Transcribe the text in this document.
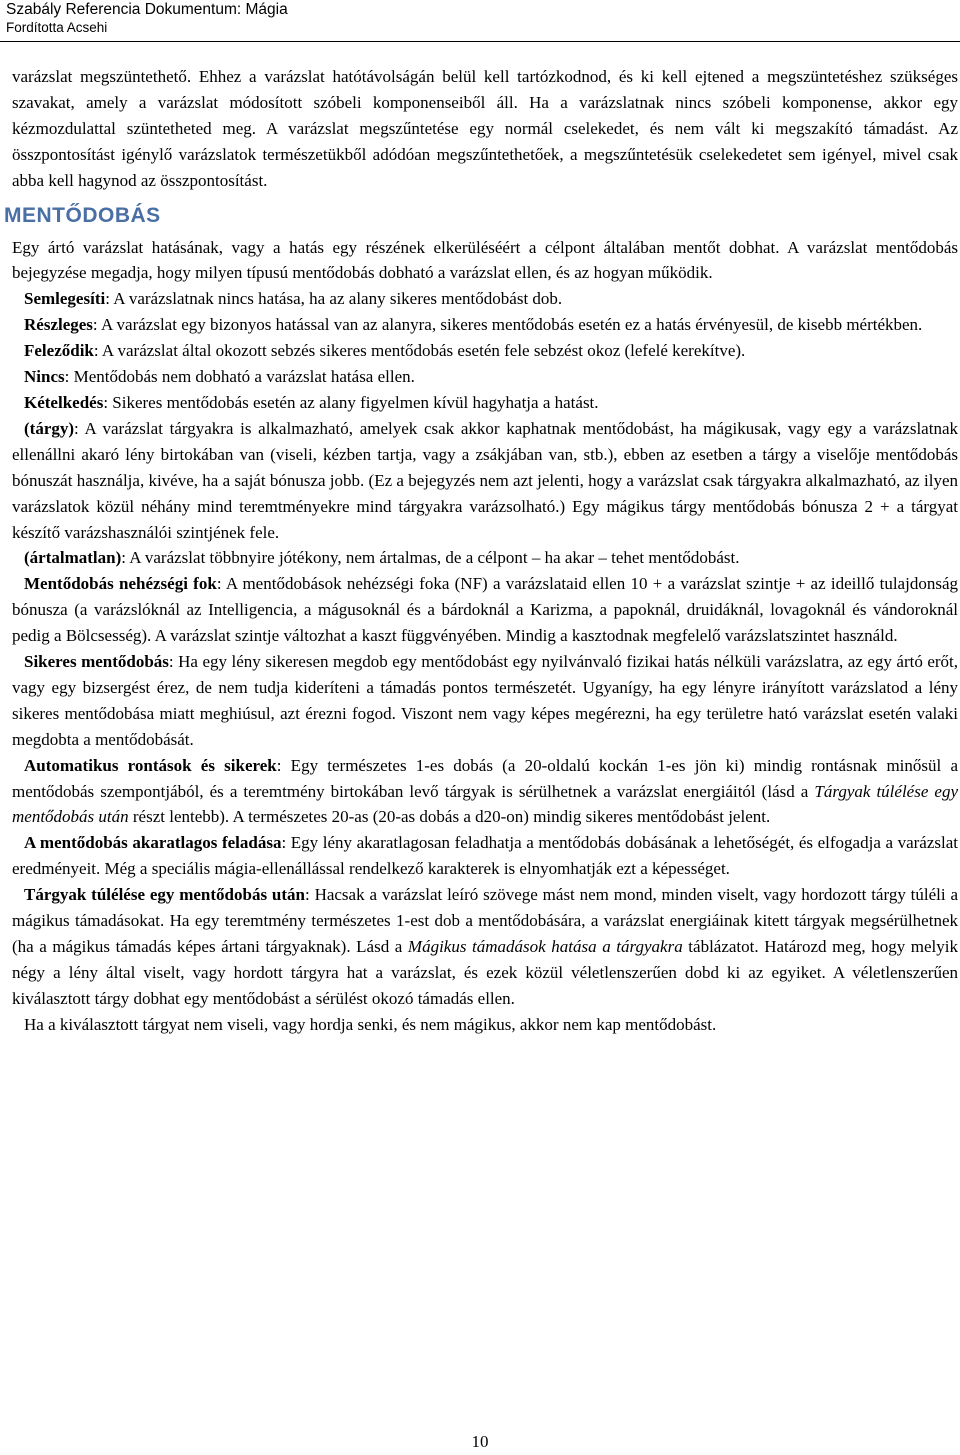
Szabály Referencia Dokumentum: Mágia
Fordította Acsehi

varázslat megszüntethető. Ehhez a varázslat hatótávolságán belül kell tartózkodnod, és ki kell ejtened a megszüntetéshez szükséges szavakat, amely a varázslat módosított szóbeli komponenseiből áll. Ha a varázslatnak nincs szóbeli komponense, akkor egy kézmozdulattal szüntetheted meg. A varázslat megszűntetése egy normál cselekedet, és nem vált ki megszakító támadást. Az összpontosítást igénylő varázslatok természetükből adódóan megszűntethetőek, a megszűntetésük cselekedetet sem igényel, mivel csak abba kell hagynod az összpontosítást.

MENTŐDOBÁS

Egy ártó varázslat hatásának, vagy a hatás egy részének elkerüléséért a célpont általában mentőt dobhat. A varázslat mentődobás bejegyzése megadja, hogy milyen típusú mentődobás dobható a varázslat ellen, és az hogyan működik.

Semlegesíti: A varázslatnak nincs hatása, ha az alany sikeres mentődobást dob.

Részleges: A varázslat egy bizonyos hatással van az alanyra, sikeres mentődobás esetén ez a hatás érvényesül, de kisebb mértékben.

Feleződik: A varázslat által okozott sebzés sikeres mentődobás esetén fele sebzést okoz (lefelé kerekítve).

Nincs: Mentődobás nem dobható a varázslat hatása ellen.

Kételkedés: Sikeres mentődobás esetén az alany figyelmen kívül hagyhatja a hatást.

(tárgy): A varázslat tárgyakra is alkalmazható, amelyek csak akkor kaphatnak mentődobást, ha mágikusak, vagy egy a varázslatnak ellenállni akaró lény birtokában van (viseli, kézben tartja, vagy a zsákjában van, stb.), ebben az esetben a tárgy a viselője mentődobás bónuszát használja, kivéve, ha a saját bónusza jobb. (Ez a bejegyzés nem azt jelenti, hogy a varázslat csak tárgyakra alkalmazható, az ilyen varázslatok közül néhány mind teremtményekre mind tárgyakra varázsolható.) Egy mágikus tárgy mentődobás bónusza 2 + a tárgyat készítő varázshasználói szintjének fele.

(ártalmatlan): A varázslat többnyire jótékony, nem ártalmas, de a célpont – ha akar – tehet mentődobást.

Mentődobás nehézségi fok: A mentődobások nehézségi foka (NF) a varázslataid ellen 10 + a varázslat szintje + az ideillő tulajdonság bónusza (a varázslóknál az Intelligencia, a mágusoknál és a bárdoknál a Karizma, a papoknál, druidáknál, lovagoknál és vándoroknál pedig a Bölcsesség). A varázslat szintje változhat a kaszt függvényében. Mindig a kasztodnak megfelelő varázslatszintet használd.

Sikeres mentődobás: Ha egy lény sikeresen megdob egy mentődobást egy nyilvánvaló fizikai hatás nélküli varázslatra, az egy ártó erőt, vagy egy bizsergést érez, de nem tudja kideríteni a támadás pontos természetét. Ugyanígy, ha egy lényre irányított varázslatod a lény sikeres mentődobása miatt meghiúsul, azt érezni fogod. Viszont nem vagy képes megérezni, ha egy területre ható varázslat esetén valaki megdobta a mentődobását.

Automatikus rontások és sikerek: Egy természetes 1-es dobás (a 20-oldalú kockán 1-es jön ki) mindig rontásnak minősül a mentődobás szempontjából, és a teremtmény birtokában levő tárgyak is sérülhetnek a varázslat energiáitól (lásd a Tárgyak túlélése egy mentődobás után részt lentebb). A természetes 20-as (20-as dobás a d20-on) mindig sikeres mentődobást jelent.

A mentődobás akaratlagos feladása: Egy lény akaratlagosan feladhatja a mentődobás dobásának a lehetőségét, és elfogadja a varázslat eredményeit. Még a speciális mágia-ellenállással rendelkező karakterek is elnyomhatják ezt a képességet.

Tárgyak túlélése egy mentődobás után: Hacsak a varázslat leíró szövege mást nem mond, minden viselt, vagy hordozott tárgy túléli a mágikus támadásokat. Ha egy teremtmény természetes 1-est dob a mentődobására, a varázslat energiáinak kitett tárgyak megsérülhetnek (ha a mágikus támadás képes ártani tárgyaknak). Lásd a Mágikus támadások hatása a tárgyakra táblázatot. Határozd meg, hogy melyik négy a lény által viselt, vagy hordott tárgyra hat a varázslat, és ezek közül véletlenszerűen dobd ki az egyiket. A véletlenszerűen kiválasztott tárgy dobhat egy mentődobást a sérülést okozó támadás ellen.

Ha a kiválasztott tárgyat nem viseli, vagy hordja senki, és nem mágikus, akkor nem kap mentődobást.

10
